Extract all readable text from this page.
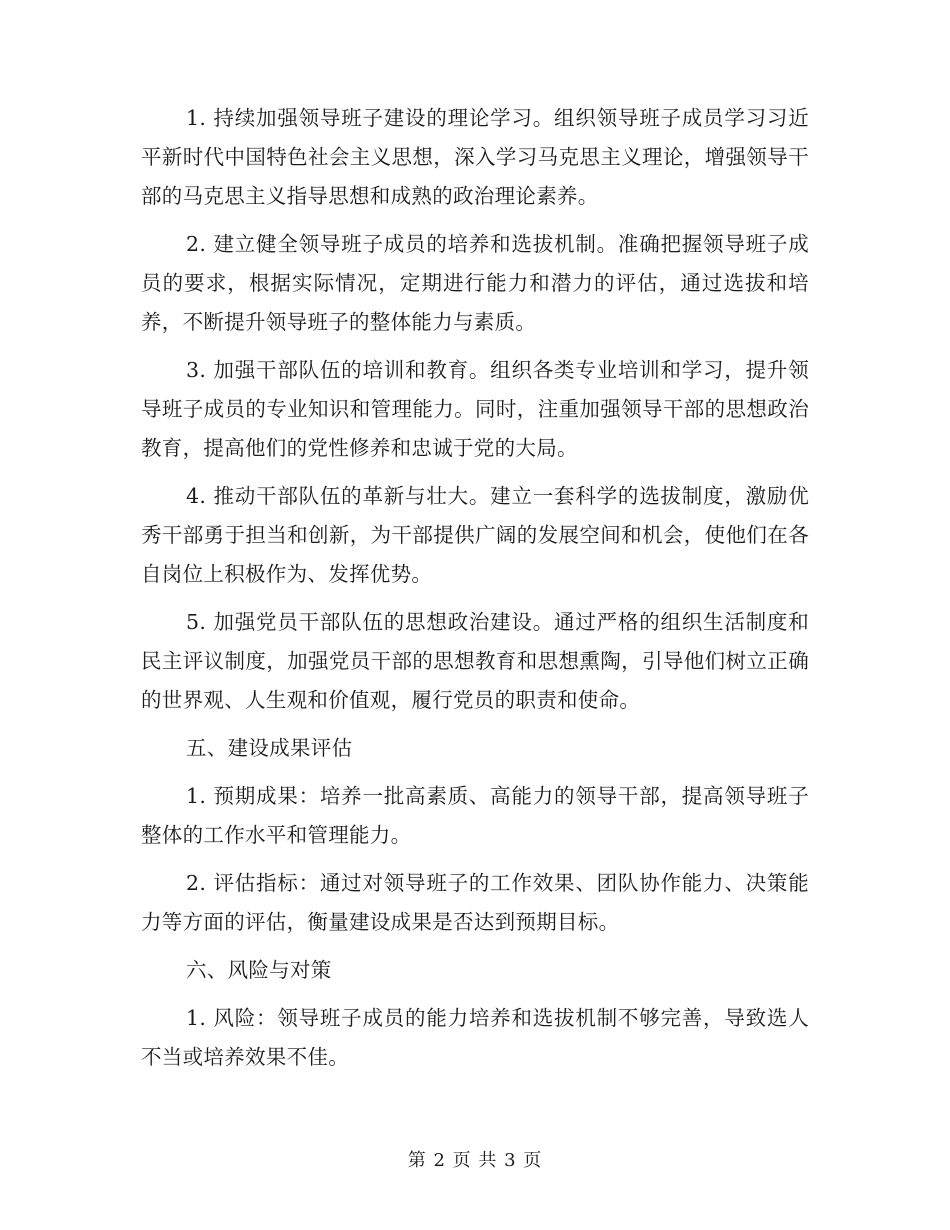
1. 持续加强领导班子建设的理论学习。组织领导班子成员学习习近平新时代中国特色社会主义思想，深入学习马克思主义理论，增强领导干部的马克思主义指导思想和成熟的政治理论素养。

2. 建立健全领导班子成员的培养和选拔机制。准确把握领导班子成员的要求，根据实际情况，定期进行能力和潜力的评估，通过选拔和培养，不断提升领导班子的整体能力与素质。

3. 加强干部队伍的培训和教育。组织各类专业培训和学习，提升领导班子成员的专业知识和管理能力。同时，注重加强领导干部的思想政治教育，提高他们的党性修养和忠诚于党的大局。

4. 推动干部队伍的革新与壮大。建立一套科学的选拔制度，激励优秀干部勇于担当和创新，为干部提供广阔的发展空间和机会，使他们在各自岗位上积极作为、发挥优势。

5. 加强党员干部队伍的思想政治建设。通过严格的组织生活制度和民主评议制度，加强党员干部的思想教育和思想熏陶，引导他们树立正确的世界观、人生观和价值观，履行党员的职责和使命。

五、建设成果评估

1. 预期成果：培养一批高素质、高能力的领导干部，提高领导班子整体的工作水平和管理能力。

2. 评估指标：通过对领导班子的工作效果、团队协作能力、决策能力等方面的评估，衡量建设成果是否达到预期目标。

六、风险与对策

1. 风险：领导班子成员的能力培养和选拔机制不够完善，导致选人不当或培养效果不佳。

第 2 页 共 3 页
